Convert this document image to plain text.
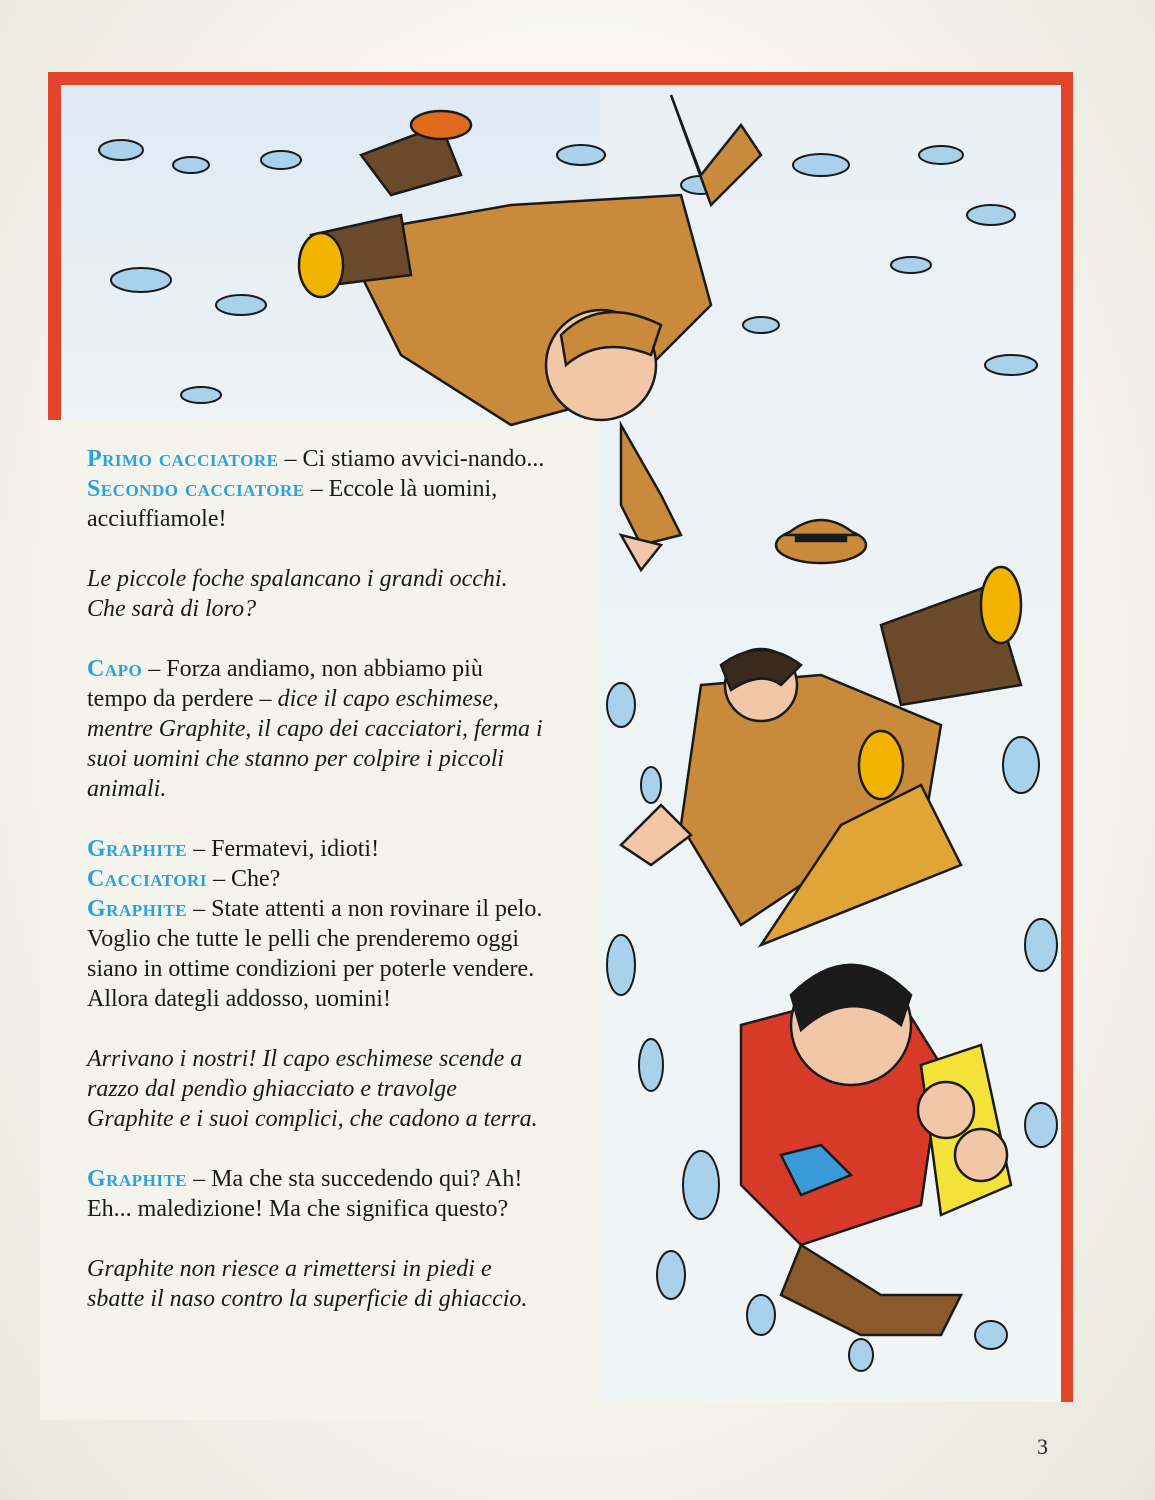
Primo cacciatore – Ci stiamo avvici-nando...

Secondo cacciatore – Eccole là uomini, acciuffiamole!

Le piccole foche spalancano i grandi occhi. Che sarà di loro?

Capo – Forza andiamo, non abbiamo più tempo da perdere – dice il capo eschimese, mentre Graphite, il capo dei cacciatori, ferma i suoi uomini che stanno per colpire i piccoli animali.

Graphite – Fermatevi, idioti!

Cacciatori – Che?

Graphite – State attenti a non rovinare il pelo. Voglio che tutte le pelli che prenderemo oggi siano in ottime condizioni per poterle vendere. Allora dategli addosso, uomini!

Arrivano i nostri! Il capo eschimese scende a razzo dal pendìo ghiacciato e travolge Graphite e i suoi complici, che cadono a terra.

Graphite – Ma che sta succedendo qui? Ah! Eh... maledizione! Ma che significa questo?

Graphite non riesce a rimettersi in piedi e sbatte il naso contro la superficie di ghiaccio.

3
